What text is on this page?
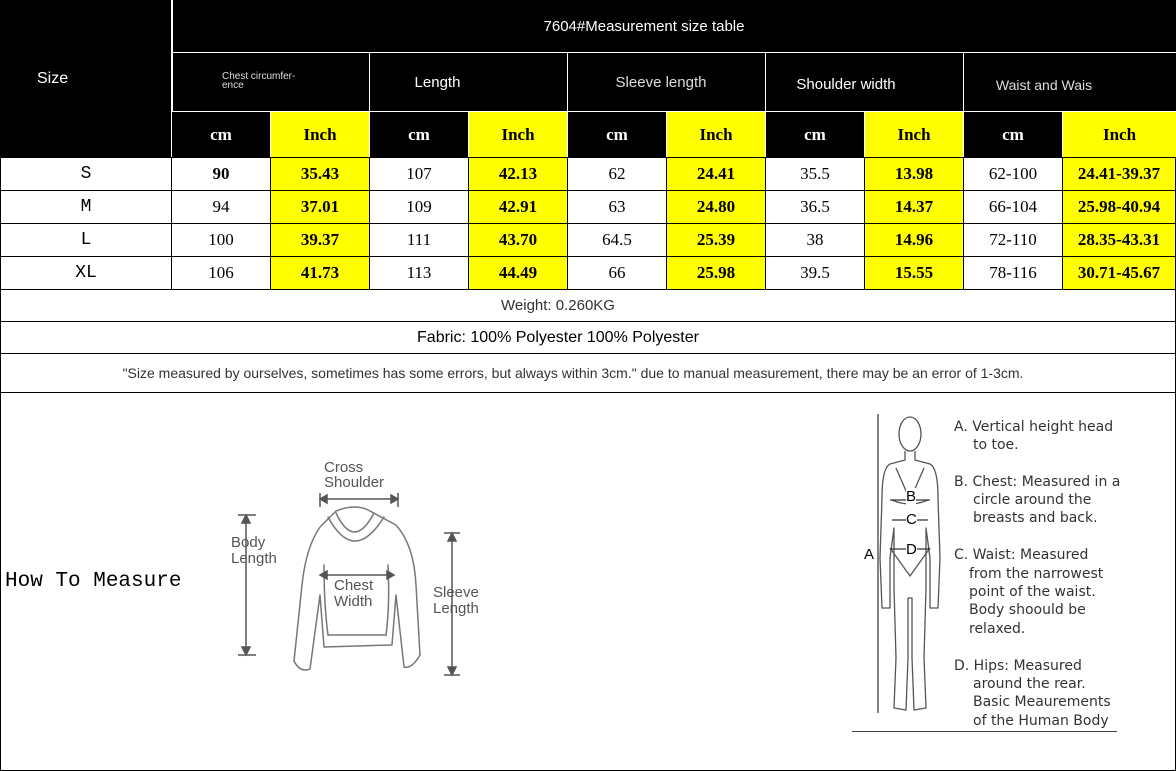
Size
7604#Measurement size table
Chest circumfer-
ence	Length	Sleeve length	Shoulder width	Waist and Wais
cm	Inch	cm	Inch	cm	Inch	cm	Inch	cm	Inch
S	90	35.43	107	42.13	62	24.41	35.5	13.98	62-100	24.41-39.37
M	94	37.01	109	42.91	63	24.80	36.5	14.37	66-104	25.98-40.94
L	100	39.37	111	43.70	64.5	25.39	38	14.96	72-110	28.35-43.31
XL	106	41.73	113	44.49	66	25.98	39.5	15.55	78-116	30.71-45.67
Weight: 0.260KG
Fabric: 100% Polyester 100% Polyester
"Size measured by ourselves, sometimes has some errors, but always within 3cm." due to manual measurement, there may be an error of 1-3cm.
How To Measure
Cross
Shoulder
Body
Length
Chest
Width
Sleeve
Length
A
B
C
D
A. Vertical height head
to toe.
B. Chest: Measured in a
circle around the
breasts and back.
C. Waist: Measured
from the narrowest
point of the waist.
Body shoould be
relaxed.
D. Hips: Measured
around the rear.
Basic Meaurements
of the Human Body
